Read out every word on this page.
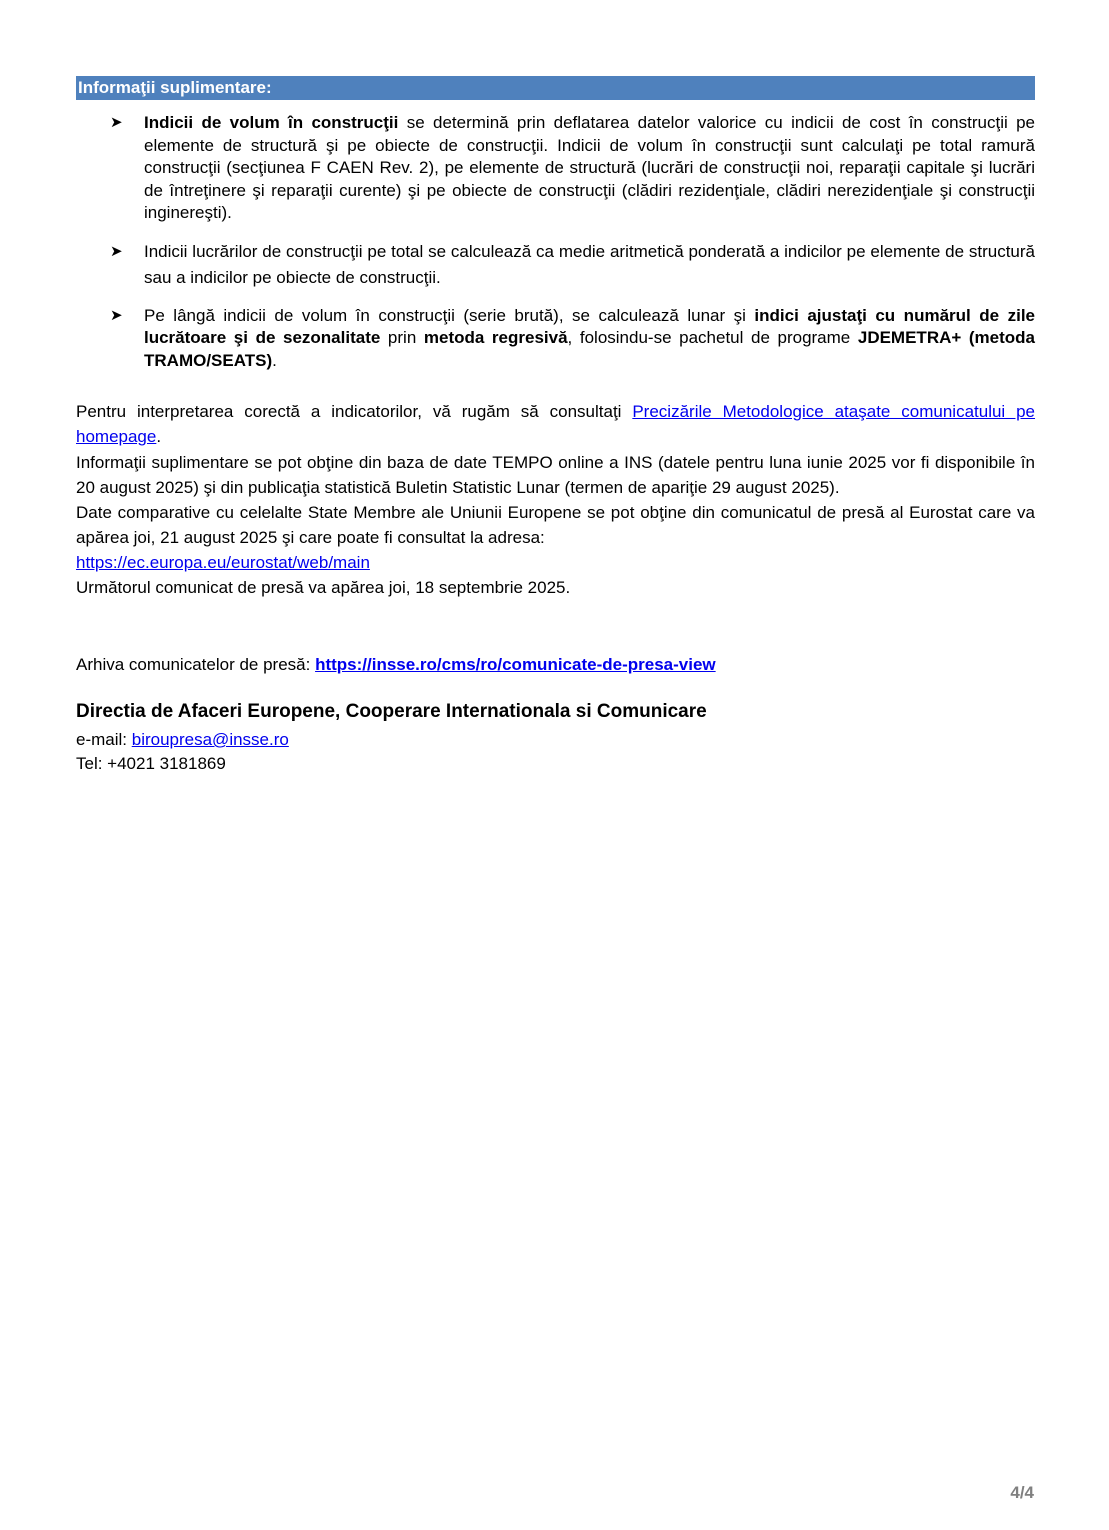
Informaţii suplimentare:
➤ Indicii de volum în construcţii se determină prin deflatarea datelor valorice cu indicii de cost în construcţii pe elemente de structură şi pe obiecte de construcţii. Indicii de volum în construcţii sunt calculaţi pe total ramură construcţii (secţiunea F CAEN Rev. 2), pe elemente de structură (lucrări de construcţii noi, reparaţii capitale şi lucrări de întreţinere şi reparaţii curente) şi pe obiecte de construcţii (clădiri rezidenţiale, clădiri nerezidenţiale şi construcţii inginereşti).
➤ Indicii lucrărilor de construcţii pe total se calculează ca medie aritmetică ponderată a indicilor pe elemente de structură sau a indicilor pe obiecte de construcţii.
➤ Pe lângă indicii de volum în construcţii (serie brută), se calculează lunar şi indici ajustaţi cu numărul de zile lucrătoare şi de sezonalitate prin metoda regresivă, folosindu-se pachetul de programe JDEMETRA+ (metoda TRAMO/SEATS).
Pentru interpretarea corectă a indicatorilor, vă rugăm să consultaţi Precizările Metodologice ataşate comunicatului pe homepage.
Informaţii suplimentare se pot obţine din baza de date TEMPO online a INS (datele pentru luna iunie 2025 vor fi disponibile în 20 august 2025) şi din publicaţia statistică Buletin Statistic Lunar (termen de apariţie 29 august 2025).
Date comparative cu celelalte State Membre ale Uniunii Europene se pot obţine din comunicatul de presă al Eurostat care va apărea joi, 21 august 2025 şi care poate fi consultat la adresa:
https://ec.europa.eu/eurostat/web/main
Următorul comunicat de presă va apărea joi, 18 septembrie 2025.
Arhiva comunicatelor de presă: https://insse.ro/cms/ro/comunicate-de-presa-view
Directia de Afaceri Europene, Cooperare Internationala si Comunicare
e-mail: biroupresa@insse.ro
Tel: +4021 3181869
4/4
